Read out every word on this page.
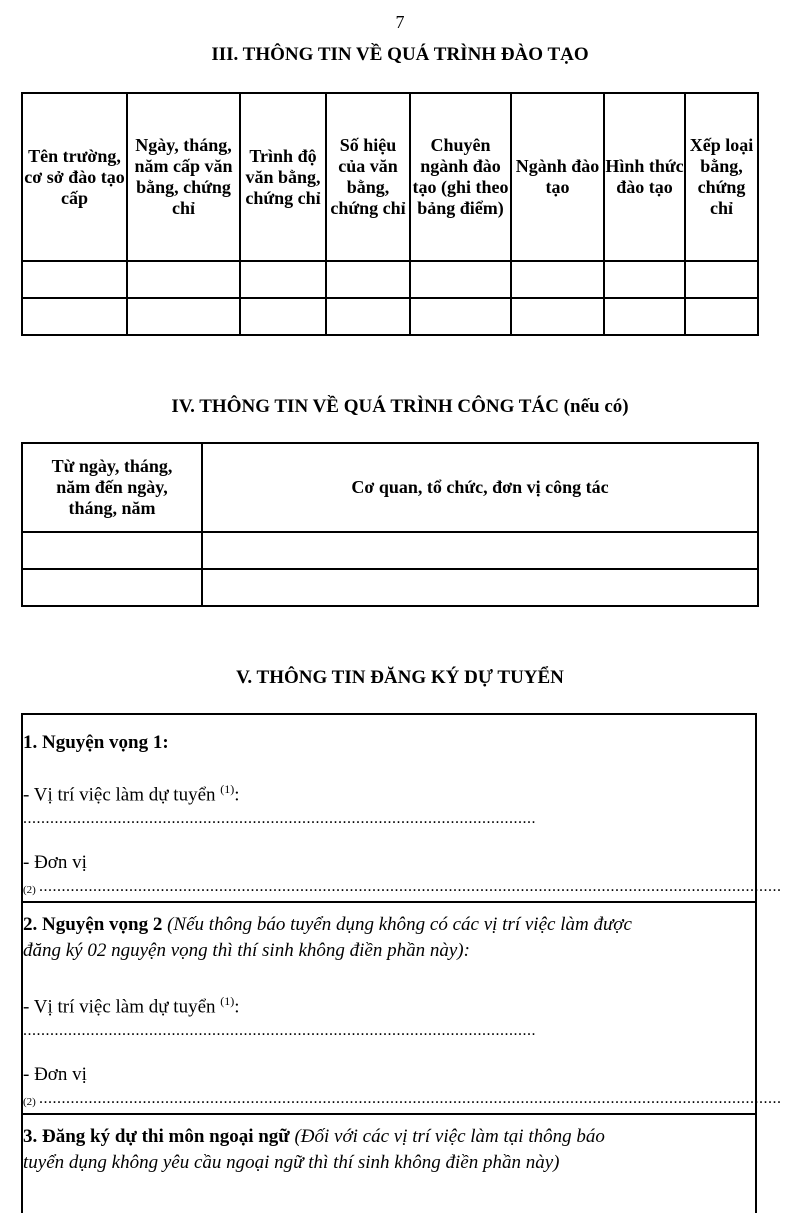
7
III. THÔNG TIN VỀ QUÁ TRÌNH ĐÀO TẠO
Tên trường, cơ sở đào tạo cấp	Ngày, tháng, năm cấp văn bằng, chứng chỉ	Trình độ văn bằng, chứng chỉ	Số hiệu của văn bằng, chứng chỉ	Chuyên ngành đào tạo (ghi theo bảng điểm)	Ngành đào tạo	Hình thức đào tạo	Xếp loại bằng, chứng chỉ

IV. THÔNG TIN VỀ QUÁ TRÌNH CÔNG TÁC (nếu có)
Từ ngày, tháng, năm đến ngày, tháng, năm	Cơ quan, tổ chức, đơn vị công tác

V. THÔNG TIN ĐĂNG KÝ DỰ TUYỂN
1. Nguyện vọng 1:
- Vị trí việc làm dự tuyển $^{(1)}$:
..................................................................................................................
- Đơn vị
(2) .....................................................................................................................................................................
2. Nguyện vọng 2 (Nếu thông báo tuyển dụng không có các vị trí việc làm được
đăng ký 02 nguyện vọng thì thí sinh không điền phần này):
- Vị trí việc làm dự tuyển $^{(1)}$:
..................................................................................................................
- Đơn vị
(2) .....................................................................................................................................................................
3. Đăng ký dự thi môn ngoại ngữ (Đối với các vị trí việc làm tại thông báo
tuyển dụng không yêu cầu ngoại ngữ thì thí sinh không điền phần này)
